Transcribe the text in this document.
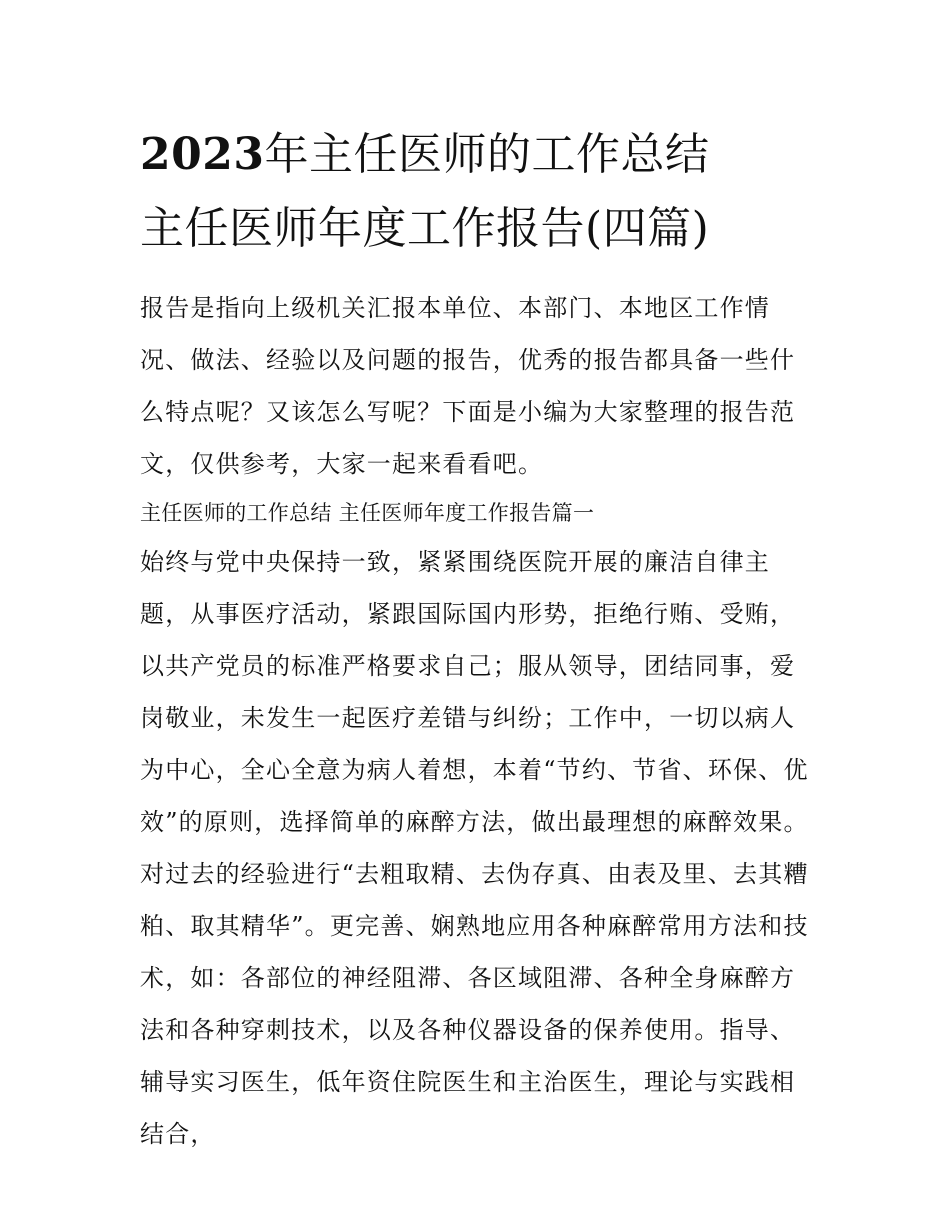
2023年主任医师的工作总结
主任医师年度工作报告(四篇)

报告是指向上级机关汇报本单位、本部门、本地区工作情况、做法、经验以及问题的报告，优秀的报告都具备一些什么特点呢？又该怎么写呢？下面是小编为大家整理的报告范文，仅供参考，大家一起来看看吧。

主任医师的工作总结 主任医师年度工作报告篇一

始终与党中央保持一致，紧紧围绕医院开展的廉洁自律主题，从事医疗活动，紧跟国际国内形势，拒绝行贿、受贿，以共产党员的标准严格要求自己；服从领导，团结同事，爱岗敬业，未发生一起医疗差错与纠纷；工作中，一切以病人为中心，全心全意为病人着想，本着“节约、节省、环保、优效”的原则，选择简单的麻醉方法，做出最理想的麻醉效果。

对过去的经验进行“去粗取精、去伪存真、由表及里、去其糟粕、取其精华”。更完善、娴熟地应用各种麻醉常用方法和技术，如：各部位的神经阻滞、各区域阻滞、各种全身麻醉方法和各种穿刺技术，以及各种仪器设备的保养使用。指导、辅导实习医生，低年资住院医生和主治医生，理论与实践相结合，
